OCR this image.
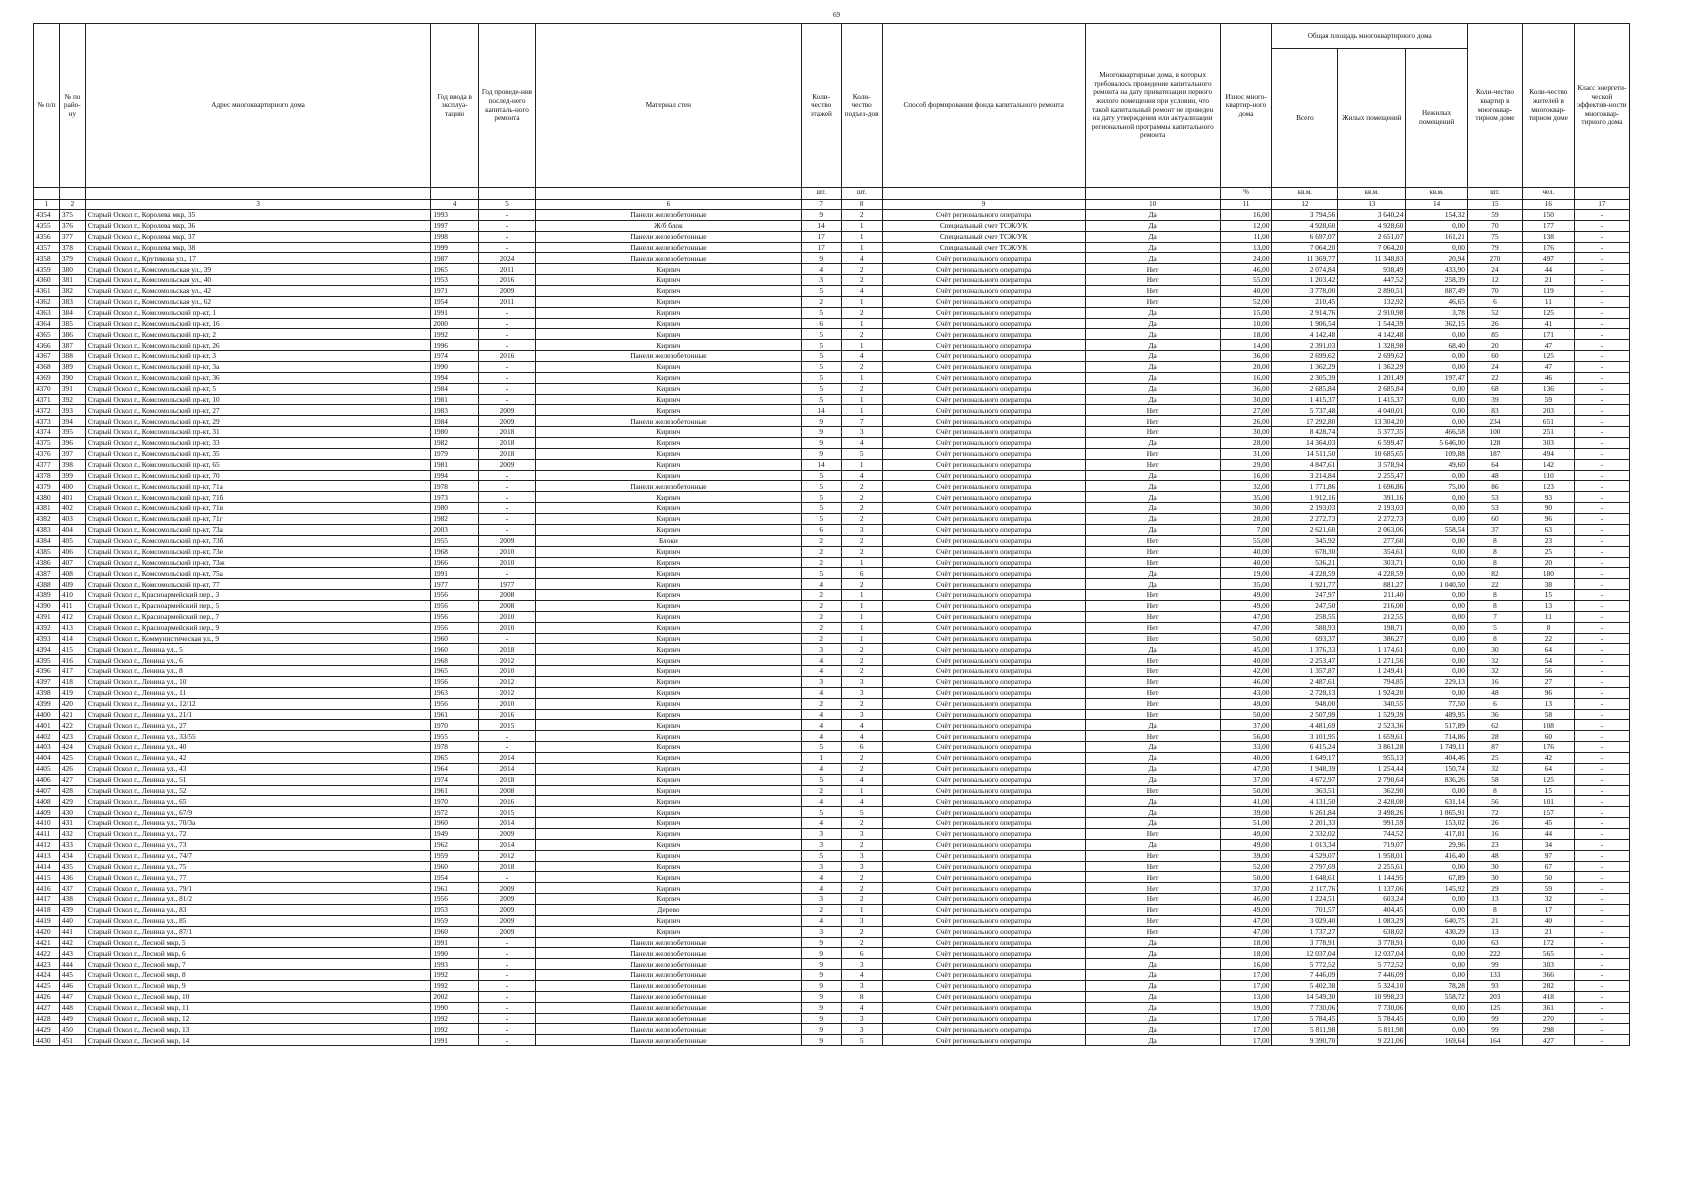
69
№ п/п	№ по райо-ну	Адрес многоквартирного дома	Год ввода в эксплуа-тацию	Год проведе-ния послед-него капиталь-ного ремонта	Материал стен	Коли-чество этажей	Коли-чество подъез-дов	Способ формирования фонда капитального ремонта	Многоквартирные дома, в которых требовалось проведение капитального ремонта на дату приватизации первого жилого помещения при условии, что такой капитальный ремонт не проведен на дату утверждения или актуализации региональной программы капитального ремонта	Износ много-квартир-ного дома	Общая площадь многоквартирного дома			Коли-чество квартир в многоквар-тирном доме	Коли-чество жителей в многоквар-тирном доме	Класс энергети-ческой эффектив-ности многоквар-тирного дома
											Всего	Жилых помещений	Нежилых помещений			
						шт.	шт.			%	кв.м.	кв.м.	кв.м.	шт.	чел.	
1	2	3	4	5	6	7	8	9	10	11	12	13	14	15	16	17
4354	375	Старый Оскол г., Королева мкр, 35	1993	-	Панели железобетонные	9	2	Счёт регионального оператора	Да	16,00	3 794,56	3 640,24	154,32	59	150	-
4355	376	Старый Оскол г., Королева мкр, 36	1997	-	Ж/б блок	14	1	Специальный счет ТСЖ/УК	Да	12,00	4 928,60	4 928,60	0,00	70	177	-
4356	377	Старый Оскол г., Королева мкр, 37	1998	-	Панели железобетонные	17	1	Специальный счет ТСЖ/УК	Да	11,00	6 697,07	2 651,07	161,21	75	138	-
4357	378	Старый Оскол г., Королева мкр, 38	1999	-	Панели железобетонные	17	1	Специальный счет ТСЖ/УК	Да	13,00	7 064,20	7 064,20	0,00	79	176	-
4358	379	Старый Оскол г., Крутикова ул., 17	1987	2024	Панели железобетонные	9	4	Счёт регионального оператора	Да	24,00	11 369,77	11 348,83	20,94	270	497	-
4359	380	Старый Оскол г., Комсомольская ул., 39	1965	2011	Кирпич	4	2	Счёт регионального оператора	Нет	46,00	2 074,84	938,49	433,90	24	44	-
4360	381	Старый Оскол г., Комсомольская ул., 40	1953	2016	Кирпич	3	2	Счёт регионального оператора	Нет	55,00	1 203,42	447,52	258,39	12	21	-
4361	382	Старый Оскол г., Комсомольская ул., 42	1971	2009	Кирпич	5	4	Счёт регионального оператора	Нет	40,00	3 778,00	2 890,51	887,49	70	119	-
4362	383	Старый Оскол г., Комсомольская ул., 62	1954	2011	Кирпич	2	1	Счёт регионального оператора	Нет	52,00	210,45	132,92	46,65	6	11	-
4363	384	Старый Оскол г., Комсомольский пр-кт, 1	1991	-	Кирпич	5	2	Счёт регионального оператора	Да	15,00	2 914,76	2 910,98	3,78	52	125	-
4364	385	Старый Оскол г., Комсомольский пр-кт, 16	2000	-	Кирпич	6	1	Счёт регионального оператора	Да	10,00	1 906,54	1 544,39	362,15	26	41	-
4365	386	Старый Оскол г., Комсомольский пр-кт, 2	1992	-	Кирпич	5	2	Счёт регионального оператора	Да	18,00	4 142,48	4 142,48	0,00	85	171	-
4366	387	Старый Оскол г., Комсомольский пр-кт, 26	1996	-	Кирпич	5	1	Счёт регионального оператора	Да	14,00	2 391,03	1 328,98	68,40	20	47	-
4367	388	Старый Оскол г., Комсомольский пр-кт, 3	1974	2016	Панели железобетонные	5	4	Счёт регионального оператора	Да	36,00	2 699,62	2 699,62	0,00	60	125	-
4368	389	Старый Оскол г., Комсомольский пр-кт, 3а	1990	-	Кирпич	5	2	Счёт регионального оператора	Да	20,00	1 362,29	1 362,29	0,00	24	47	-
4369	390	Старый Оскол г., Комсомольский пр-кт, 36	1994	-	Кирпич	5	1	Счёт регионального оператора	Да	16,00	2 305,39	1 201,49	197,47	22	46	-
4370	391	Старый Оскол г., Комсомольский пр-кт, 5	1984	-	Кирпич	5	2	Счёт регионального оператора	Да	36,00	2 685,84	2 685,84	0,00	68	136	-
4371	392	Старый Оскол г., Комсомольский пр-кт, 10	1981	-	Кирпич	5	1	Счёт регионального оператора	Да	30,00	1 415,37	1 415,37	0,00	39	59	-
4372	393	Старый Оскол г., Комсомольский пр-кт, 27	1983	2009	Кирпич	14	1	Счёт регионального оператора	Нет	27,00	5 737,48	4 040,01	0,00	83	203	-
4373	394	Старый Оскол г., Комсомольский пр-кт, 29	1984	2009	Панели железобетонные	9	7	Счёт регионального оператора	Нет	26,00	17 292,80	13 304,20	0,00	234	651	-
4374	395	Старый Оскол г., Комсомольский пр-кт, 31	1980	2018	Кирпич	9	3	Счёт регионального оператора	Нет	30,00	8 428,74	5 377,35	466,58	100	251	-
4375	396	Старый Оскол г., Комсомольский пр-кт, 33	1982	2018	Кирпич	9	4	Счёт регионального оператора	Да	28,00	14 364,03	6 599,47	5 646,00	128	303	-
4376	397	Старый Оскол г., Комсомольский пр-кт, 35	1979	2018	Кирпич	9	5	Счёт регионального оператора	Нет	31,00	14 511,50	10 685,65	109,88	187	494	-
4377	398	Старый Оскол г., Комсомольский пр-кт, 65	1981	2009	Кирпич	14	1	Счёт регионального оператора	Нет	29,00	4 847,61	3 578,94	49,60	64	142	-
4378	399	Старый Оскол г., Комсомольский пр-кт, 70	1994	-	Кирпич	5	4	Счёт регионального оператора	Да	16,00	3 214,84	2 255,47	0,00	48	110	-
4379	400	Старый Оскол г., Комсомольский пр-кт, 71а	1978	-	Панели железобетонные	5	2	Счёт регионального оператора	Да	32,00	1 771,86	1 696,86	75,00	86	123	-
4380	401	Старый Оскол г., Комсомольский пр-кт, 71б	1973	-	Кирпич	5	2	Счёт регионального оператора	Да	35,00	1 912,16	391,16	0,00	53	93	-
4381	402	Старый Оскол г., Комсомольский пр-кт, 71в	1980	-	Кирпич	5	2	Счёт регионального оператора	Да	30,00	2 193,03	2 193,03	0,00	53	90	-
4382	403	Старый Оскол г., Комсомольский пр-кт, 71г	1982	-	Кирпич	5	2	Счёт регионального оператора	Да	28,00	2 272,73	2 272,73	0,00	60	96	-
4383	404	Старый Оскол г., Комсомольский пр-кт, 73а	2003	-	Кирпич	6	3	Счёт регионального оператора	Да	7,00	2 621,60	2 063,06	558,54	37	63	-
4384	405	Старый Оскол г., Комсомольский пр-кт, 73б	1955	2009	Блоки	2	2	Счёт регионального оператора	Нет	55,00	345,92	277,60	0,00	8	23	-
4385	406	Старый Оскол г., Комсомольский пр-кт, 73е	1968	2010	Кирпич	2	2	Счёт регионального оператора	Нет	40,00	678,30	354,61	0,00	8	25	-
4386	407	Старый Оскол г., Комсомольский пр-кт, 73ж	1966	2010	Кирпич	2	1	Счёт регионального оператора	Нет	40,00	536,21	303,71	0,00	8	20	-
4387	408	Старый Оскол г., Комсомольский пр-кт, 75а	1991	-	Кирпич	5	6	Счёт регионального оператора	Да	19,00	4 228,59	4 228,59	0,00	82	180	-
4388	409	Старый Оскол г., Комсомольский пр-кт, 77	1977	1977	Кирпич	4	2	Счёт регионального оператора	Да	35,00	1 921,77	881,27	1 040,50	22	38	-
4389	410	Старый Оскол г., Красноармейский пер., 3	1956	2008	Кирпич	2	1	Счёт регионального оператора	Нет	49,00	247,97	211,40	0,00	8	15	-
4390	411	Старый Оскол г., Красноармейский пер., 5	1956	2008	Кирпич	2	1	Счёт регионального оператора	Нет	49,00	247,50	216,00	0,00	8	13	-
4391	412	Старый Оскол г., Красноармейский пер., 7	1956	2010	Кирпич	2	1	Счёт регионального оператора	Нет	47,00	258,55	212,55	0,00	7	11	-
4392	413	Старый Оскол г., Красноармейский пер., 9	1956	2010	Кирпич	2	1	Счёт регионального оператора	Нет	47,00	588,93	198,71	0,00	5	8	-
4393	414	Старый Оскол г., Коммунистическая ул., 9	1960	-	Кирпич	2	1	Счёт регионального оператора	Нет	50,00	693,37	386,27	0,00	8	22	-
4394	415	Старый Оскол г., Ленина ул., 5	1960	2018	Кирпич	3	2	Счёт регионального оператора	Да	45,00	1 376,33	1 174,61	0,00	30	64	-
4395	416	Старый Оскол г., Ленина ул., 6	1968	2012	Кирпич	4	2	Счёт регионального оператора	Нет	40,00	2 253,47	1 271,56	0,00	32	54	-
4396	417	Старый Оскол г., Ленина ул., 8	1965	2010	Кирпич	4	2	Счёт регионального оператора	Нет	42,00	1 357,87	1 249,41	0,00	32	56	-
4397	418	Старый Оскол г., Ленина ул., 10	1956	2012	Кирпич	3	3	Счёт регионального оператора	Нет	46,00	2 487,61	794,85	229,13	16	27	-
4398	419	Старый Оскол г., Ленина ул., 11	1963	2012	Кирпич	4	3	Счёт регионального оператора	Нет	43,00	2 728,13	1 924,20	0,00	48	96	-
4399	420	Старый Оскол г., Ленина ул., 12/12	1956	2010	Кирпич	2	2	Счёт регионального оператора	Нет	49,00	948,00	340,55	77,50	6	13	-
4400	421	Старый Оскол г., Ленина ул., 21/1	1961	2016	Кирпич	4	3	Счёт регионального оператора	Нет	50,00	2 507,99	1 529,39	489,95	36	58	-
4401	422	Старый Оскол г., Ленина ул., 27	1970	2015	Кирпич	4	4	Счёт регионального оператора	Да	37,00	4 481,69	2 523,36	517,89	62	108	-
4402	423	Старый Оскол г., Ленина ул., 33/55	1955	-	Кирпич	4	4	Счёт регионального оператора	Нет	56,00	3 101,95	1 659,61	714,86	28	60	-
4403	424	Старый Оскол г., Ленина ул., 40	1978	-	Кирпич	5	6	Счёт регионального оператора	Да	33,00	6 415,24	3 861,28	1 749,11	87	176	-
4404	425	Старый Оскол г., Ленина ул., 42	1965	2014	Кирпич	1	2	Счёт регионального оператора	Да	40,00	1 649,17	955,13	404,46	25	42	-
4405	426	Старый Оскол г., Ленина ул., 43	1964	2014	Кирпич	4	2	Счёт регионального оператора	Да	47,00	1 948,39	1 254,44	150,74	32	64	-
4406	427	Старый Оскол г., Ленина ул., 51	1974	2018	Кирпич	5	4	Счёт регионального оператора	Да	37,00	4 672,97	2 790,64	836,26	58	125	-
4407	428	Старый Оскол г., Ленина ул., 52	1961	2008	Кирпич	2	1	Счёт регионального оператора	Нет	50,00	363,51	362,90	0,00	8	15	-
4408	429	Старый Оскол г., Ленина ул., 65	1970	2016	Кирпич	4	4	Счёт регионального оператора	Да	41,00	4 131,50	2 428,08	631,14	56	101	-
4409	430	Старый Оскол г., Ленина ул., 67/9	1972	2015	Кирпич	5	5	Счёт регионального оператора	Да	39,00	6 261,84	3 498,26	1 865,91	72	157	-
4410	431	Старый Оскол г., Ленина ул., 70/3а	1960	2014	Кирпич	4	2	Счёт регионального оператора	Да	51,00	2 201,33	991,59	153,02	26	45	-
4411	432	Старый Оскол г., Ленина ул., 72	1949	2009	Кирпич	3	3	Счёт регионального оператора	Нет	49,00	2 332,02	744,52	417,81	16	44	-
4412	433	Старый Оскол г., Ленина ул., 73	1962	2014	Кирпич	3	2	Счёт регионального оператора	Да	49,00	1 013,34	719,07	29,96	23	34	-
4413	434	Старый Оскол г., Ленина ул., 74/7	1959	2012	Кирпич	5	3	Счёт регионального оператора	Нет	39,00	4 529,07	1 958,01	416,40	48	97	-
4414	435	Старый Оскол г., Ленина ул., 75	1960	2018	Кирпич	3	3	Счёт регионального оператора	Нет	52,00	2 797,69	2 255,61	0,00	30	67	-
4415	436	Старый Оскол г., Ленина ул., 77	1954	-	Кирпич	4	2	Счёт регионального оператора	Нет	50,00	1 648,61	1 144,95	67,89	30	50	-
4416	437	Старый Оскол г., Ленина ул., 79/1	1961	2009	Кирпич	4	2	Счёт регионального оператора	Нет	37,00	2 117,76	1 137,06	145,92	29	59	-
4417	438	Старый Оскол г., Ленина ул., 81/2	1956	2009	Кирпич	3	2	Счёт регионального оператора	Нет	46,00	1 224,51	603,24	0,00	13	32	-
4418	439	Старый Оскол г., Ленина ул., 83	1953	2009	Дерево	2	1	Счёт регионального оператора	Нет	49,00	701,57	404,45	0,00	8	17	-
4419	440	Старый Оскол г., Ленина ул., 85	1959	2009	Кирпич	4	3	Счёт регионального оператора	Нет	47,00	3 029,40	1 083,29	640,75	21	40	-
4420	441	Старый Оскол г., Ленина ул., 87/1	1960	2009	Кирпич	3	2	Счёт регионального оператора	Нет	47,00	1 737,27	638,02	430,29	13	21	-
4421	442	Старый Оскол г., Лесной мкр, 5	1991	-	Панели железобетонные	9	2	Счёт регионального оператора	Да	18,00	3 778,91	3 778,91	0,00	63	172	-
4422	443	Старый Оскол г., Лесной мкр, 6	1990	-	Панели железобетонные	9	6	Счёт регионального оператора	Да	18,00	12 037,04	12 037,04	0,00	222	565	-
4423	444	Старый Оскол г., Лесной мкр, 7	1993	-	Панели железобетонные	9	3	Счёт регионального оператора	Да	16,00	5 772,52	5 772,52	0,00	99	303	-
4424	445	Старый Оскол г., Лесной мкр, 8	1992	-	Панели железобетонные	9	4	Счёт регионального оператора	Да	17,00	7 446,09	7 446,09	0,00	133	366	-
4425	446	Старый Оскол г., Лесной мкр, 9	1992	-	Панели железобетонные	9	3	Счёт регионального оператора	Да	17,00	5 402,38	5 324,10	78,28	93	282	-
4426	447	Старый Оскол г., Лесной мкр, 10	2002	-	Панели железобетонные	9	8	Счёт регионального оператора	Да	13,00	14 549,30	10 998,23	558,72	203	418	-
4427	448	Старый Оскол г., Лесной мкр, 11	1990	-	Панели железобетонные	9	4	Счёт регионального оператора	Да	19,00	7 730,06	7 730,06	0,00	125	361	-
4428	449	Старый Оскол г., Лесной мкр, 12	1992	-	Панели железобетонные	9	3	Счёт регионального оператора	Да	17,00	5 784,45	5 784,45	0,00	99	270	-
4429	450	Старый Оскол г., Лесной мкр, 13	1992	-	Панели железобетонные	9	3	Счёт регионального оператора	Да	17,00	5 811,98	5 811,98	0,00	99	298	-
4430	451	Старый Оскол г., Лесной мкр, 14	1991	-	Панели железобетонные	9	5	Счёт регионального оператора	Да	17,00	9 390,70	9 221,06	169,64	164	427	-
